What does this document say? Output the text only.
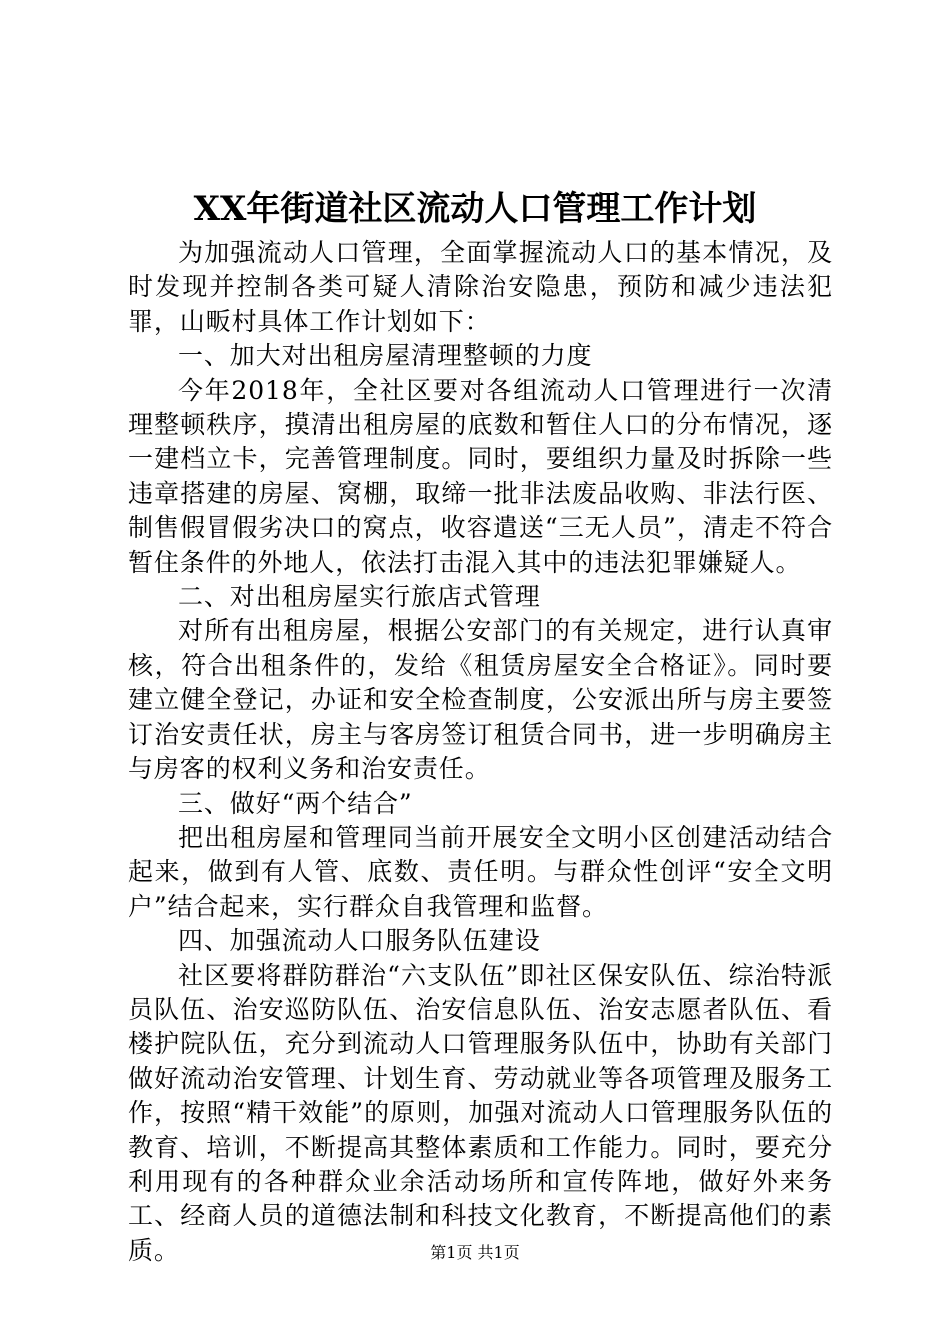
XX年街道社区流动人口管理工作计划

为加强流动人口管理，全面掌握流动人口的基本情况，及时发现并控制各类可疑人清除治安隐患，预防和减少违法犯罪，山畈村具体工作计划如下：

一、加大对出租房屋清理整顿的力度

今年2018年，全社区要对各组流动人口管理进行一次清理整顿秩序，摸清出租房屋的底数和暂住人口的分布情况，逐一建档立卡，完善管理制度。同时，要组织力量及时拆除一些违章搭建的房屋、窝棚，取缔一批非法废品收购、非法行医、制售假冒假劣决口的窝点，收容遣送“三无人员”，清走不符合暂住条件的外地人，依法打击混入其中的违法犯罪嫌疑人。

二、对出租房屋实行旅店式管理

对所有出租房屋，根据公安部门的有关规定，进行认真审核，符合出租条件的，发给《租赁房屋安全合格证》。同时要建立健全登记，办证和安全检查制度，公安派出所与房主要签订治安责任状，房主与客房签订租赁合同书，进一步明确房主与房客的权利义务和治安责任。

三、做好“两个结合”

把出租房屋和管理同当前开展安全文明小区创建活动结合起来，做到有人管、底数、责任明。与群众性创评“安全文明户”结合起来，实行群众自我管理和监督。

四、加强流动人口服务队伍建设

社区要将群防群治“六支队伍”即社区保安队伍、综治特派员队伍、治安巡防队伍、治安信息队伍、治安志愿者队伍、看楼护院队伍，充分到流动人口管理服务队伍中，协助有关部门做好流动治安管理、计划生育、劳动就业等各项管理及服务工作，按照“精干效能”的原则，加强对流动人口管理服务队伍的教育、培训，不断提高其整体素质和工作能力。同时，要充分利用现有的各种群众业余活动场所和宣传阵地，做好外来务工、经商人员的道德法制和科技文化教育，不断提高他们的素质。	第1页 共1页
